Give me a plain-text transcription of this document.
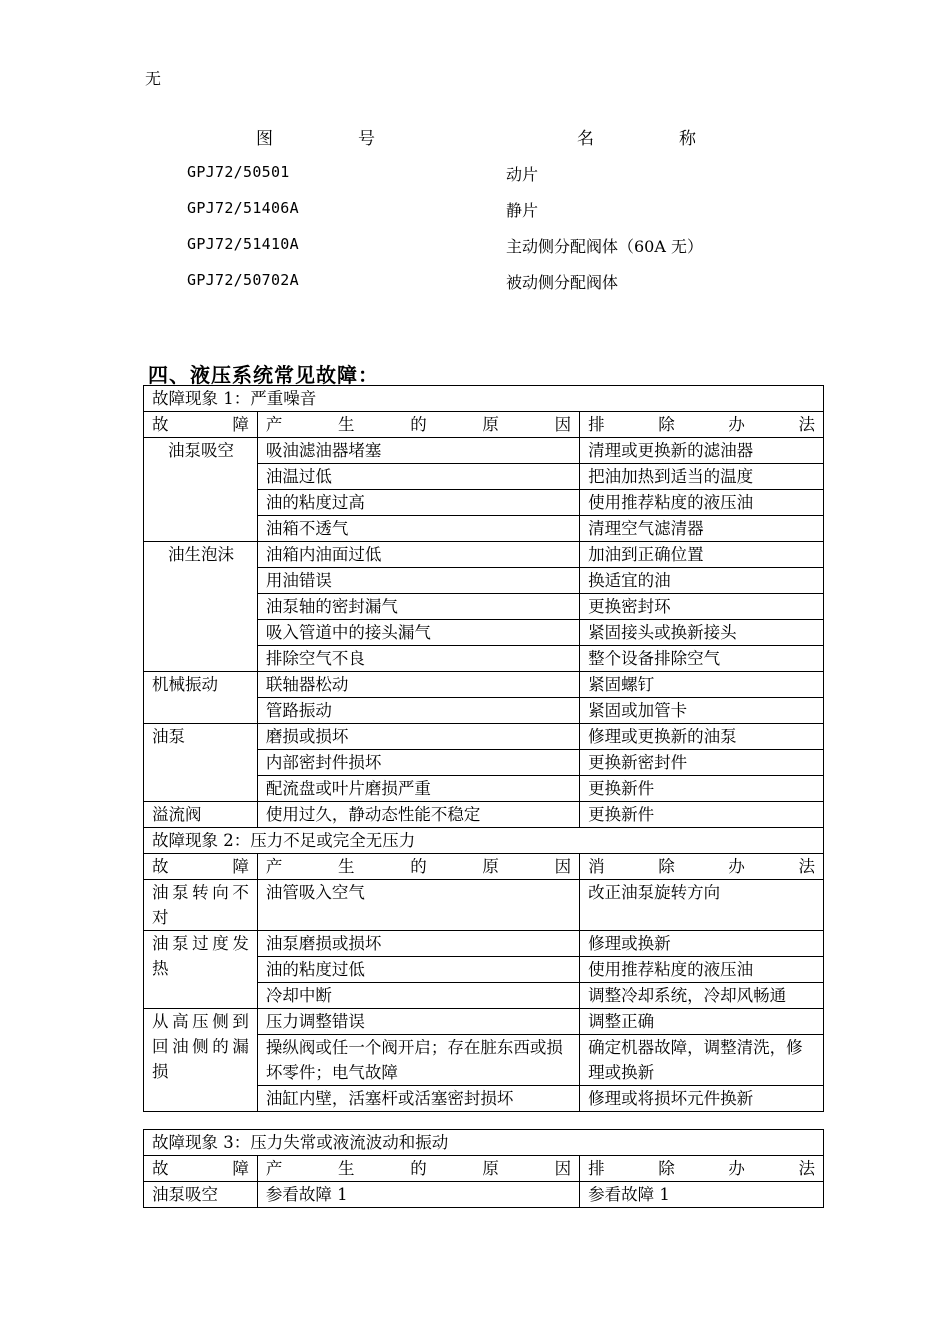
无
图　　　　　号	名　　　　　称
GPJ72/50501	动片
GPJ72/51406A	静片
GPJ72/51410A	主动侧分配阀体（60A 无）
GPJ72/50702A	被动侧分配阀体
四、液压系统常见故障：
故障现象 1：严重噪音		
故障	产生的原因	排除办法
油泵吸空	吸油滤油器堵塞	清理或更换新的滤油器
	油温过低	把油加热到适当的温度
	油的粘度过高	使用推荐粘度的液压油
	油箱不透气	清理空气滤清器
油生泡沫	油箱内油面过低	加油到正确位置
	用油错误	换适宜的油
	油泵轴的密封漏气	更换密封环
	吸入管道中的接头漏气	紧固接头或换新接头
	排除空气不良	整个设备排除空气
机械振动	联轴器松动	紧固螺钉
	管路振动	紧固或加管卡
油泵	磨损或损坏	修理或更换新的油泵
	内部密封件损坏	更换新密封件
	配流盘或叶片磨损严重	更换新件
溢流阀	使用过久，静动态性能不稳定	更换新件
故障现象 2：压力不足或完全无压力		
故障	产生的原因	消除办法
油泵转向不对	油管吸入空气	改正油泵旋转方向
油泵过度发热	油泵磨损或损坏	修理或换新
	油的粘度过低	使用推荐粘度的液压油
	冷却中断	调整冷却系统，冷却风畅通
从高压侧到回油侧的漏损	压力调整错误	调整正确
	操纵阀或任一个阀开启；存在脏东西或损坏零件；电气故障	确定机器故障，调整清洗，修理或换新
	油缸内壁，活塞杆或活塞密封损坏	修理或将损坏元件换新
故障现象 3：压力失常或液流波动和振动		
故障	产生的原因	排除办法
油泵吸空	参看故障 1	参看故障 1
